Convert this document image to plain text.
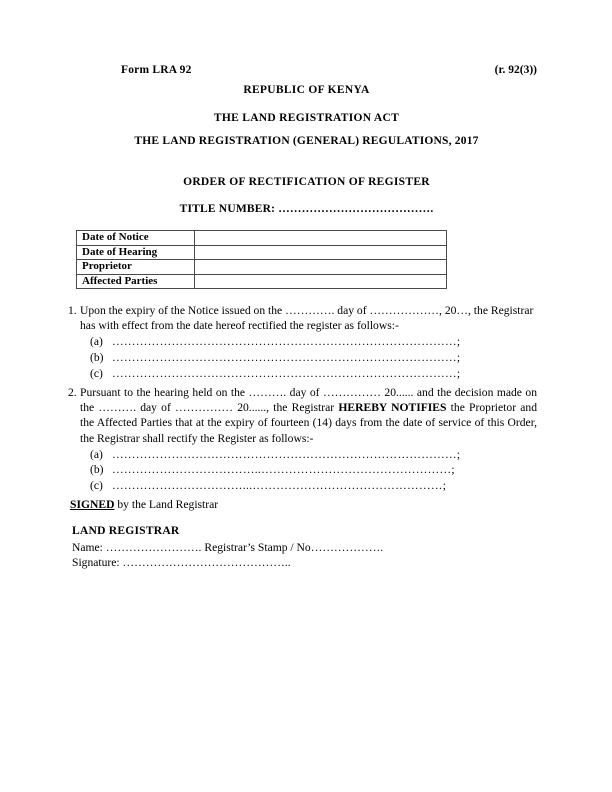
Form LRA 92	(r. 92(3))
REPUBLIC OF KENYA
THE LAND REGISTRATION ACT
THE LAND REGISTRATION (GENERAL) REGULATIONS, 2017
ORDER OF RECTIFICATION OF REGISTER
TITLE NUMBER: ………………………………….
Date of Notice	
Date of Hearing	
Proprietor	
Affected Parties	
1. Upon the expiry of the Notice issued on the …………. day of ………………, 20…, the Registrar has with effect from the date hereof rectified the register as follows:-
(a) ……………………………………………………………………………;
(b) ……………………………………………………………………………;
(c) ……………………………………………………………………………;
2. Pursuant to the hearing held on the ………. day of …………… 20...... and the decision made on the ………. day of …………… 20......, the Registrar HEREBY NOTIFIES the Proprietor and the Affected Parties that at the expiry of fourteen (14) days from the date of service of this Order, the Registrar shall rectify the Register as follows:-
(a) ……………………………………………………………………………;
(b) ………………………………..…………………………………………;
(c) ……………………………...…………………………………………;
SIGNED by the Land Registrar
LAND REGISTRAR
Name: ……………………. Registrar’s Stamp / No……………….
Signature: ……………………………………..
